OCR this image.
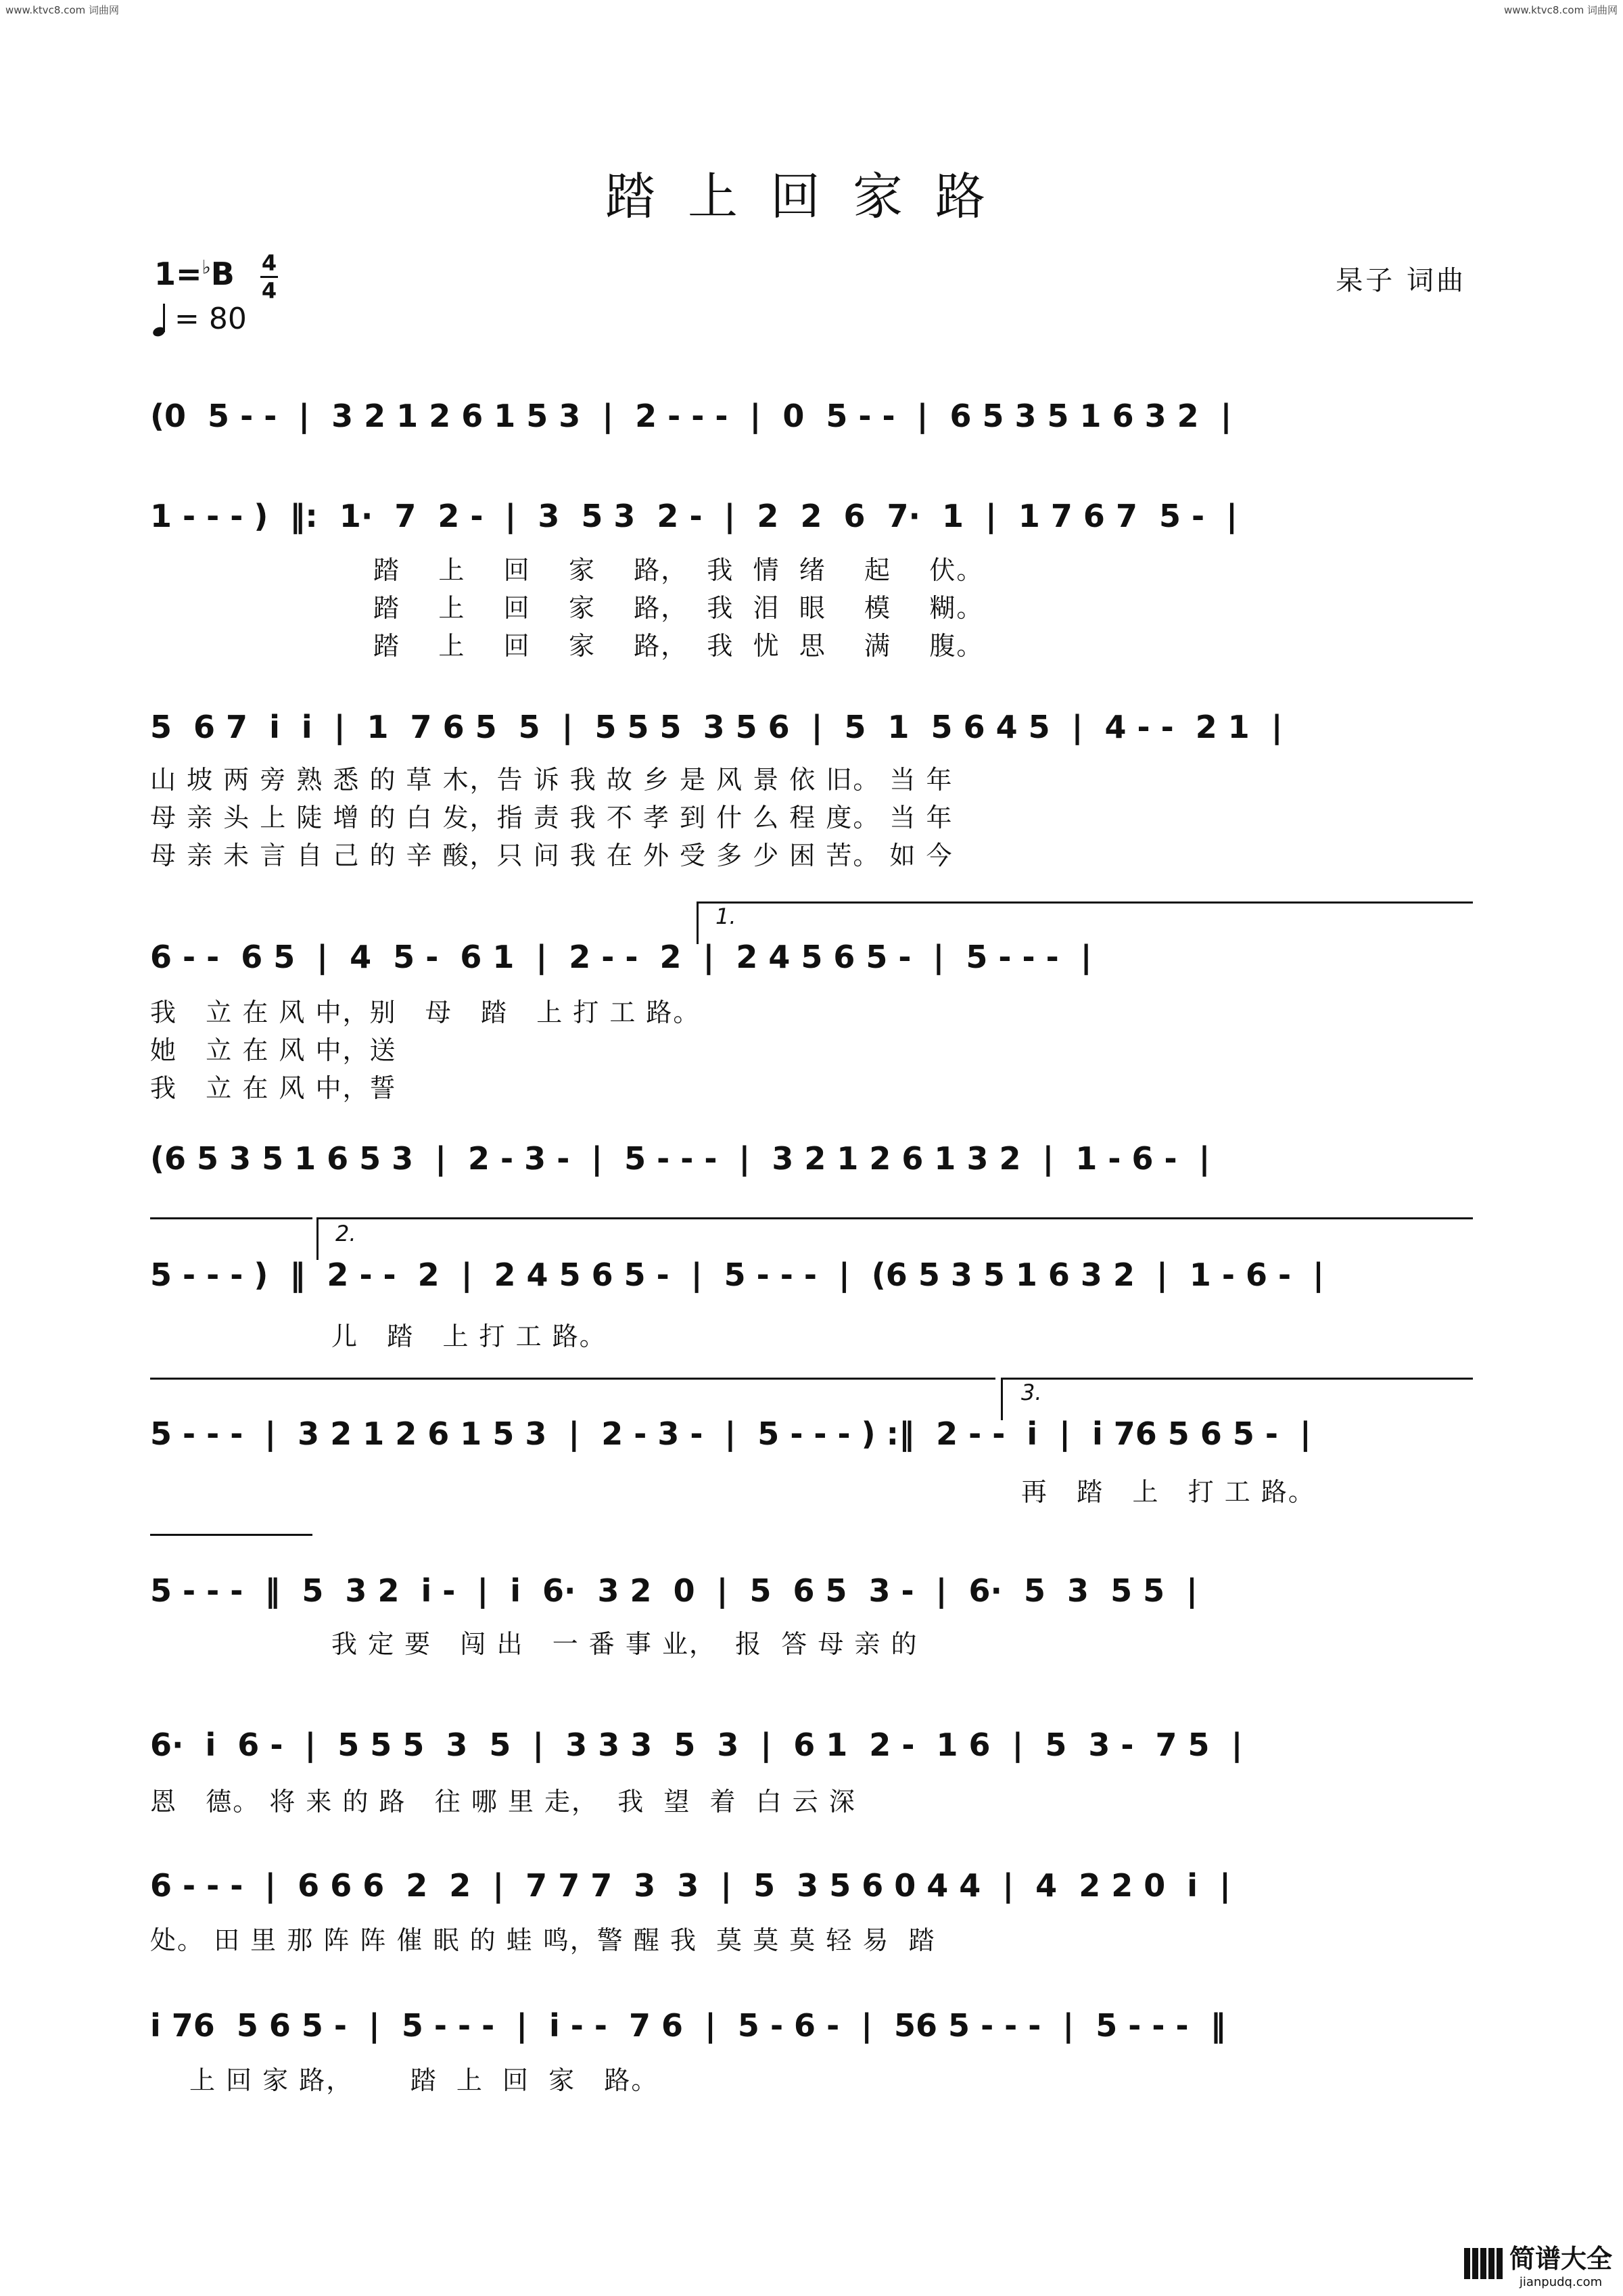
www.ktvc8.com 词曲网	www.ktvc8.com 词曲网
踏上回家路
1=♭B 4
4
= 80
杲子 词曲
(0  5 - -  |  3 2 1 2 6 1 5 3  |  2 - - -  |  0  5 - -  |  6 5 3 5 1 6 3 2  |
1 - - - )  ‖:  1·  7  2 -  |  3  5 3  2 -  |  2  2  6  7·  1  |  1 7 6 7  5 -  |
踏    上    回    家    路，  我  情  绪    起    伏。
踏    上    回    家    路，  我  泪  眼    模    糊。
踏    上    回    家    路，  我  忧  思    满    腹。
5  6 7  i  i  |  1  7 6 5  5  |  5 5 5  3 5 6  |  5  1  5 6 4 5  |  4 - -  2 1  |
山 坡 两 旁 熟 悉 的 草 木，告 诉 我 故 乡 是 风 景 依 旧。 当 年
母 亲 头 上 陡 增 的 白 发，指 责 我 不 孝 到 什 么 程 度。 当 年
母 亲 未 言 自 己 的 辛 酸，只 问 我 在 外 受 多 少 困 苦。 如 今
1.
6 - -  6 5  |  4  5 -  6 1  |  2 - -  2  |  2 4 5 6 5 -  |  5 - - -  |
我   立 在 风 中，别   母   踏   上 打 工 路。
她   立 在 风 中，送
我   立 在 风 中，誓
(6 5 3 5 1 6 5 3  |  2 - 3 -  |  5 - - -  |  3 2 1 2 6 1 3 2  |  1 - 6 -  |
2.
5 - - - )  ‖  2 - -  2  |  2 4 5 6 5 -  |  5 - - -  |  (6 5 3 5 1 6 3 2  |  1 - 6 -  |
儿   踏   上 打 工 路。
3.
5 - - -  |  3 2 1 2 6 1 5 3  |  2 - 3 -  |  5 - - - ) :‖  2 - -  i  |  i 76 5 6 5 -  |
再   踏   上   打 工 路。
5 - - -  ‖  5  3 2  i -  |  i  6·  3 2  0  |  5  6 5  3 -  |  6·  5  3  5 5  |
我 定 要   闯 出   一 番 事 业，  报  答 母 亲 的
6·  i  6 -  |  5 5 5  3  5  |  3 3 3  5  3  |  6 1  2 -  1 6  |  5  3 -  7 5  |
恩   德。 将 来 的 路   往 哪 里 走，  我  望  着  白 云 深
6 - - -  |  6 6 6  2  2  |  7 7 7  3  3  |  5  3 5 6 0 4 4  |  4  2 2 0  i  |
处。 田 里 那 阵 阵 催 眠 的 蛙 鸣，警 醒 我  莫 莫 莫 轻 易  踏
i 76  5 6 5 -  |  5 - - -  |  i - -  7 6  |  5 - 6 -  |  56 5 - - -  |  5 - - -  ‖
上 回 家 路，      踏  上  回  家   路。
简谱大全
jianpudq.com
